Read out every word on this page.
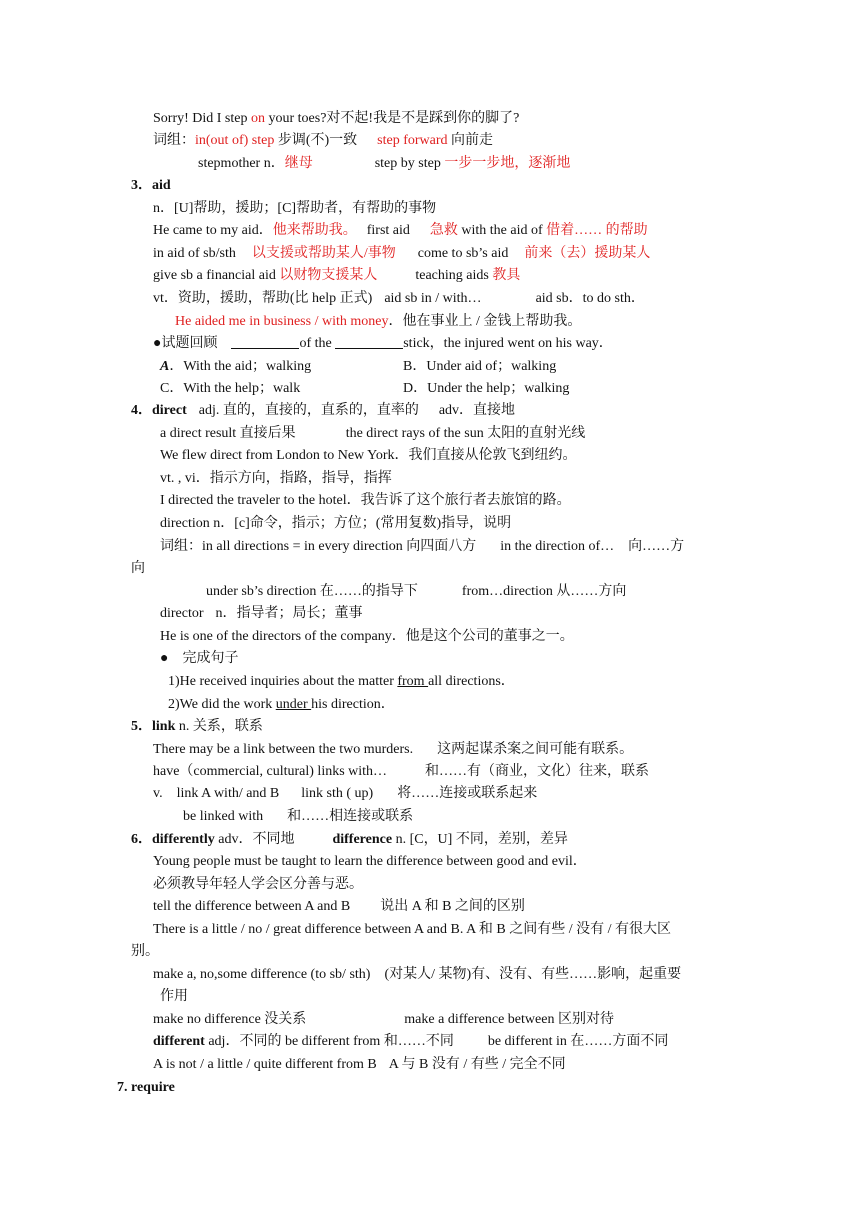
Sorry! Did I step on your toes?对不起!我是不是踩到你的脚了?
词组：in(out of) step 步调(不)一致 step forward 向前走
stepmother n．继母	step by step 一步一步地，逐渐地
3．aid
n．[U]帮助，援助；[C]帮助者，有帮助的事物
He came to my aid．他来帮助我。 first aid 急救 with the aid of 借着…… 的帮助
in aid of sb/sth 以支援或帮助某人/事物 come to sb’s aid 前来（去）援助某人
give sb a financial aid 以财物支援某人	teaching aids 教具
vt．资助，援助，帮助(比 help 正式) aid sb in / with…	aid sb．to do sth．
He aided me in business / with money．他在事业上 / 金钱上帮助我。
●试题回顾	of the	stick，the injured went on his way．
A．With the aid；walking	B．Under aid of；walking
C．With the help；walk	D．Under the help；walking
4．direct adj. 直的，直接的，直系的，直率的 adv．直接地
a direct result 直接后果	the direct rays of the sun 太阳的直射光线
We flew direct from London to New York．我们直接从伦敦飞到纽约。
vt. , vi．指示方向，指路，指导，指挥
I directed the traveler to the hotel．我告诉了这个旅行者去旅馆的路。
direction n．[c]命令，指示；方位；(常用复数)指导，说明
词组：in all directions = in every direction 向四面八方 in the direction of… 向……方
向
under sb’s direction 在……的指导下	from…direction 从……方向
director n．指导者；局长；董事
He is one of the directors of the company．他是这个公司的董事之一。
● 完成句子
1)He received inquiries about the matter from all directions．
2)We did the work under his direction．
5．link n. 关系，联系
There may be a link between the two murders. 这两起谋杀案之间可能有联系。
have（commercial, cultural) links with…	和……有（商业，文化）往来，联系
v. link A with/ and B link sth ( up) 将……连接或联系起来
be linked with 和……相连接或联系
6．differently adv．不同地	difference n. [C，U] 不同，差别，差异
Young people must be taught to learn the difference between good and evil．
必须教导年轻人学会区分善与恶。
tell the difference between A and B 说出 A 和 B 之间的区别
There is a little / no / great difference between A and B. A 和 B 之间有些 / 没有 / 有很大区
别。
make a, no,some difference (to sb/ sth) (对某人/ 某物)有、没有、有些……影响，起重要
作用
make no difference 没关系	make a difference between 区别对待
different adj．不同的 be different from 和……不同 be different in 在……方面不同
A is not / a little / quite different from B A 与 B 没有 / 有些 / 完全不同
7. require
